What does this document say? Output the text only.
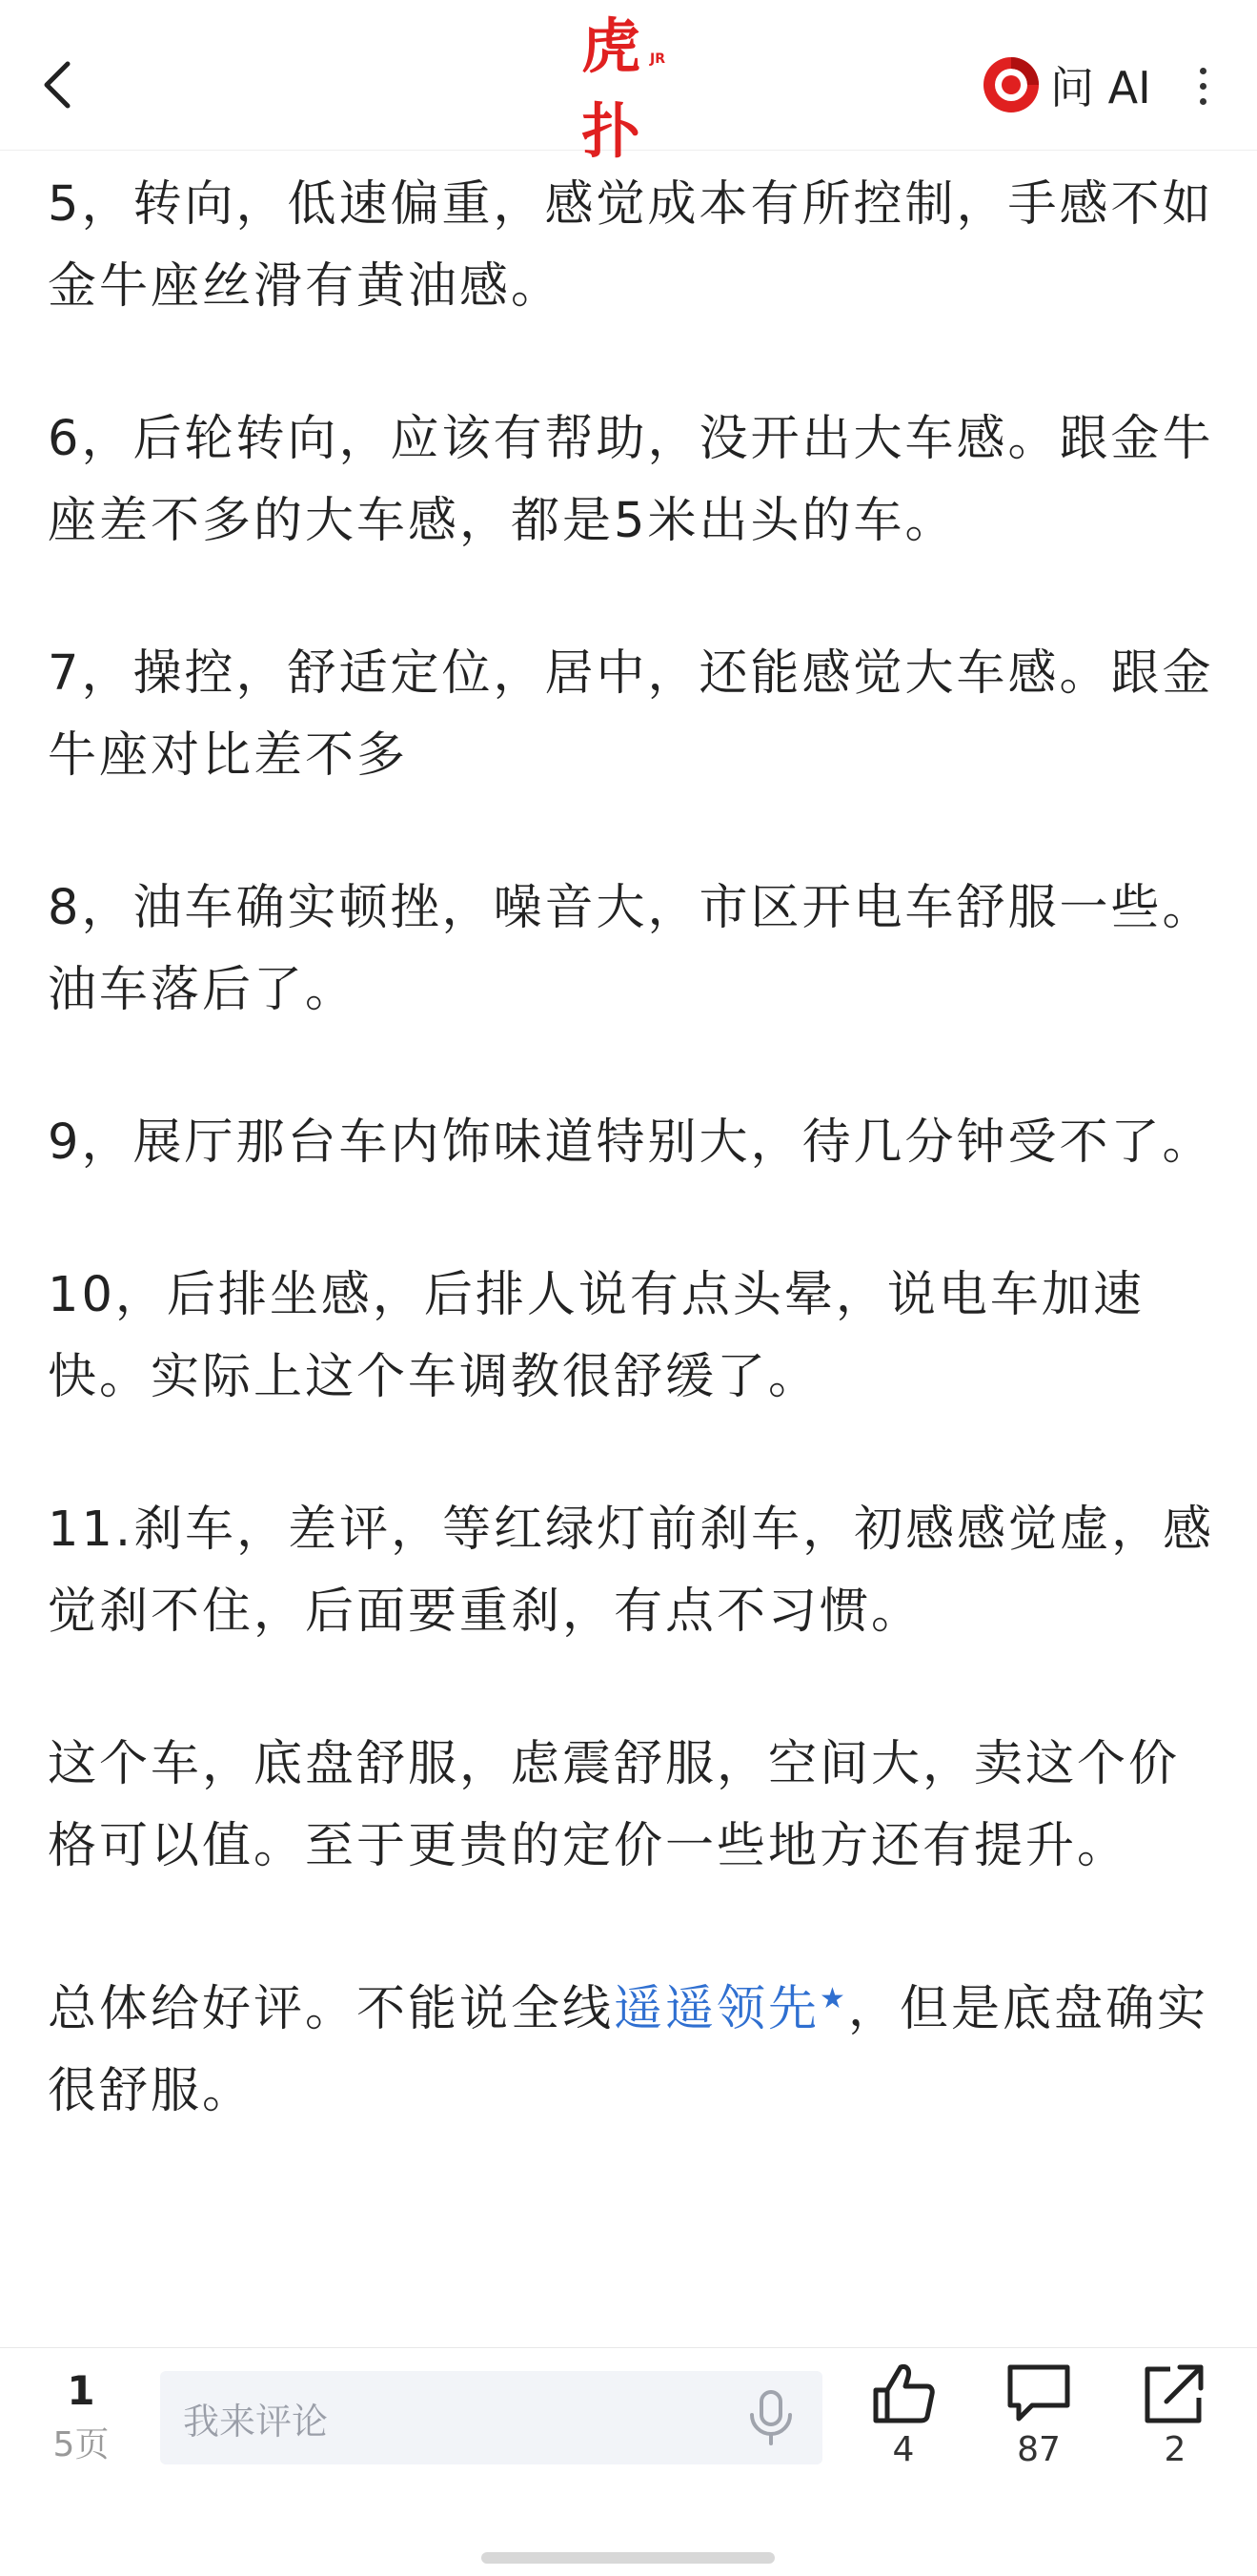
虎扑
JR
问 AI

5，转向，低速偏重，感觉成本有所控制，手感不如金牛座丝滑有黄油感。

6，后轮转向，应该有帮助，没开出大车感。跟金牛座差不多的大车感，都是5米出头的车。

7，操控，舒适定位，居中，还能感觉大车感。跟金牛座对比差不多

8，油车确实顿挫，噪音大，市区开电车舒服一些。油车落后了。

9，展厅那台车内饰味道特别大，待几分钟受不了。

10，后排坐感，后排人说有点头晕，说电车加速快。实际上这个车调教很舒缓了。

11.刹车，差评，等红绿灯前刹车，初感感觉虚，感觉刹不住，后面要重刹，有点不习惯。

这个车，底盘舒服，虑震舒服，空间大，卖这个价格可以值。至于更贵的定价一些地方还有提升。

总体给好评。不能说全线遥遥领先★，但是底盘确实很舒服。

1
5页
我来评论
4	87	2
